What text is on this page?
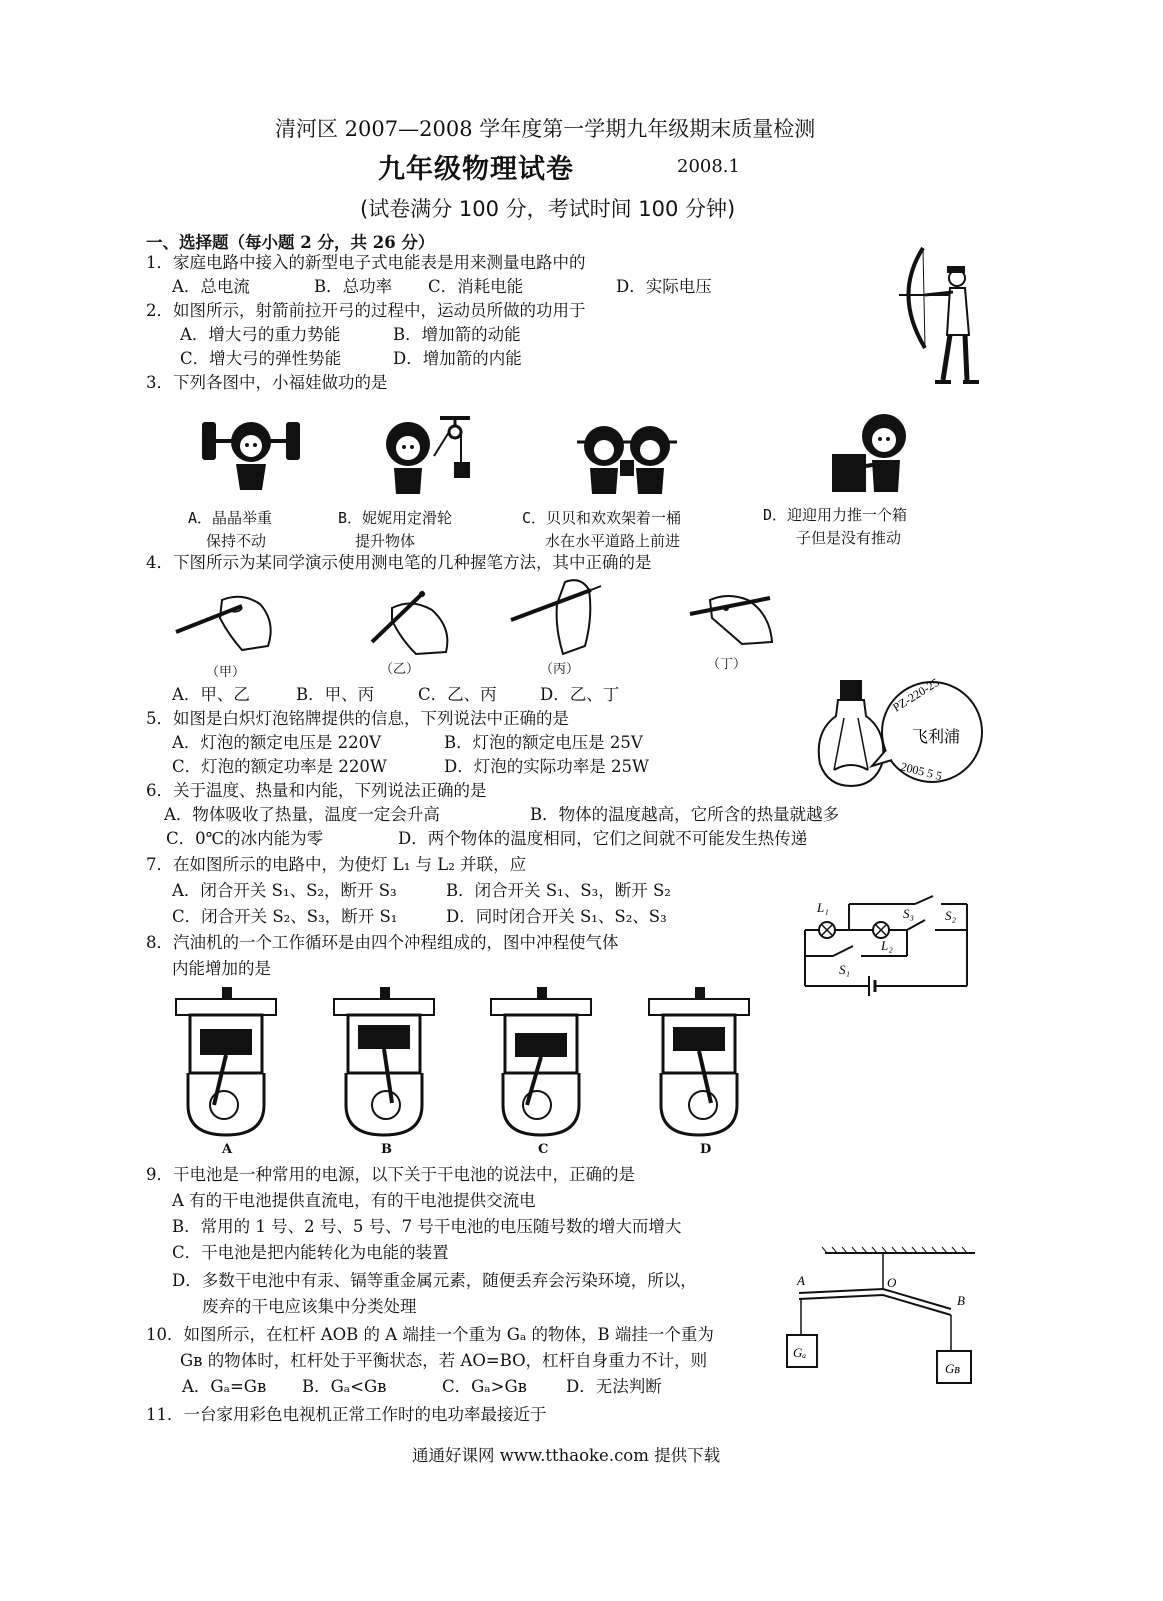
清河区 2007—2008 学年度第一学期九年级期末质量检测
九年级物理试卷	2008.1
(试卷满分 100 分，考试时间 100 分钟)
一、选择题（每小题 2 分，共 26 分）
1．家庭电路中接入的新型电子式电能表是用来测量电路中的
A．总电流	B．总功率 C．消耗电能	D．实际电压
2．如图所示，射箭前拉开弓的过程中，运动员所做的功用于
A．增大弓的重力势能	B．增加箭的动能
C．增大弓的弹性势能	D．增加箭的内能
3．下列各图中，小福娃做功的是
A．晶晶举重
保持不动
B．妮妮用定滑轮
提升物体
C．贝贝和欢欢架着一桶
水在水平道路上前进
D．迎迎用力推一个箱
子但是没有推动
4．下图所示为某同学演示使用测电笔的几种握笔方法，其中正确的是
（甲）	（乙）	（丙）	（丁）
A．甲、乙	B．甲、丙	C．乙、丙	D．乙、丁
5．如图是白炽灯泡铭牌提供的信息，下列说法中正确的是
A．灯泡的额定电压是 220V	B．灯泡的额定电压是 25V
C．灯泡的额定功率是 220W	D．灯泡的实际功率是 25W
PZ-220-25
飞利浦
2005 5 5
6．关于温度、热量和内能，下列说法正确的是
A．物体吸收了热量，温度一定会升高	B．物体的温度越高，它所含的热量就越多
C．0℃的冰内能为零	D．两个物体的温度相同，它们之间就不可能发生热传递
7．在如图所示的电路中，为使灯 L₁ 与 L₂ 并联，应
A．闭合开关 S₁、S₂，断开 S₃	B．闭合开关 S₁、S₃，断开 S₂
C．闭合开关 S₂、S₃，断开 S₁	D．同时闭合开关 S₁、S₂、S₃	L₁
L₂
S₃ S₂
S₁
8．汽油机的一个工作循环是由四个冲程组成的，图中冲程使气体
内能增加的是
A	B	C	D
9．干电池是一种常用的电源，以下关于干电池的说法中，正确的是
A 有的干电池提供直流电，有的干电池提供交流电
B．常用的 1 号、2 号、5 号、7 号干电池的电压随号数的增大而增大
C．干电池是把内能转化为电能的装置
D．多数干电池中有汞、镉等重金属元素，随便丢弃会污染环境，所以，
废弃的干电应该集中分类处理
10．如图所示，在杠杆 AOB 的 A 端挂一个重为 Gₐ 的物体，B 端挂一个重为
Gʙ 的物体时，杠杆处于平衡状态，若 AO=BO，杠杆自身重力不计，则
A．Gₐ=Gʙ B．Gₐ<Gʙ	C．Gₐ>Gʙ D．无法判断
A	O
B
Gₐ
Gʙ
11．一台家用彩色电视机正常工作时的电功率最接近于
通通好课网 www.tthaoke.com 提供下载
